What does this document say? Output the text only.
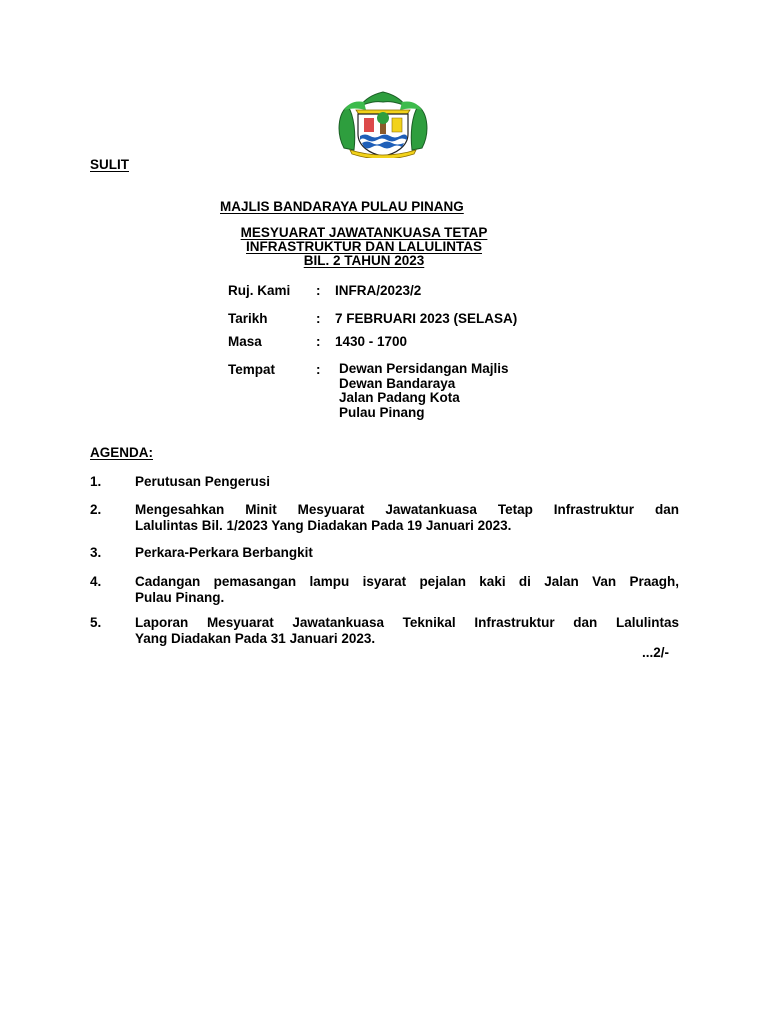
SULIT
MAJLIS BANDARAYA PULAU PINANG
MESYUARAT JAWATANKUASA TETAP
INFRASTRUKTUR DAN LALULINTAS
BIL. 2 TAHUN 2023
Ruj. Kami : INFRA/2023/2
Tarikh	: 7 FEBRUARI 2023 (SELASA)
Masa	: 1430 - 1700
Tempat	: Dewan Persidangan Majlis
Dewan Bandaraya
Jalan Padang Kota
Pulau Pinang
AGENDA:
1. Perutusan Pengerusi
2. Mengesahkan Minit Mesyuarat Jawatankuasa Tetap Infrastruktur dan
Lalulintas Bil. 1/2023 Yang Diadakan Pada 19 Januari 2023.
3. Perkara-Perkara Berbangkit
4. Cadangan pemasangan lampu isyarat pejalan kaki di Jalan Van Praagh,
Pulau Pinang.
5. Laporan Mesyuarat Jawatankuasa Teknikal Infrastruktur dan Lalulintas
Yang Diadakan Pada 31 Januari 2023.
...2/-
